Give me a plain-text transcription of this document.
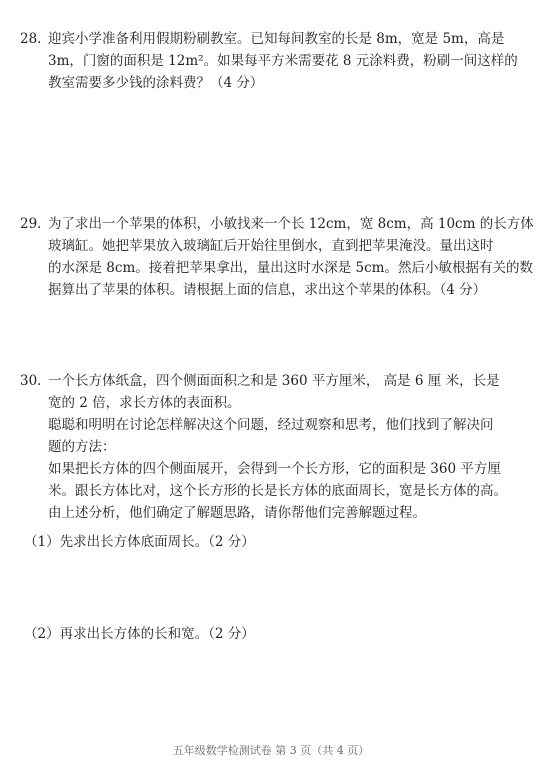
28. 迎宾小学准备利用假期粉刷教室。已知每间教室的长是 8m，宽是 5m，高是
3m，门窗的面积是 12m²。如果每平方米需要花 8 元涂料费，粉刷一间这样的
教室需要多少钱的涂料费？（4 分）
29. 为了求出一个苹果的体积，小敏找来一个长 12cm，宽 8cm，高 10cm 的长方体
玻璃缸。她把苹果放入玻璃缸后开始往里倒水，直到把苹果淹没。量出这时
的水深是 8cm。接着把苹果拿出，量出这时水深是 5cm。然后小敏根据有关的数
据算出了苹果的体积。请根据上面的信息，求出这个苹果的体积。（4 分）
30. 一个长方体纸盒，四个侧面面积之和是 360 平方厘米， 高是 6 厘 米，长是
宽的 2 倍，求长方体的表面积。
聪聪和明明在讨论怎样解决这个问题，经过观察和思考，他们找到了解决问
题的方法：
如果把长方体的四个侧面展开，会得到一个长方形，它的面积是 360 平方厘
米。跟长方体比对，这个长方形的长是长方体的底面周长，宽是长方体的高。
由上述分析，他们确定了解题思路，请你帮他们完善解题过程。
（1）先求出长方体底面周长。（2 分）
（2）再求出长方体的长和宽。（2 分）
五年级数学检测试卷 第 3 页（共 4 页）
